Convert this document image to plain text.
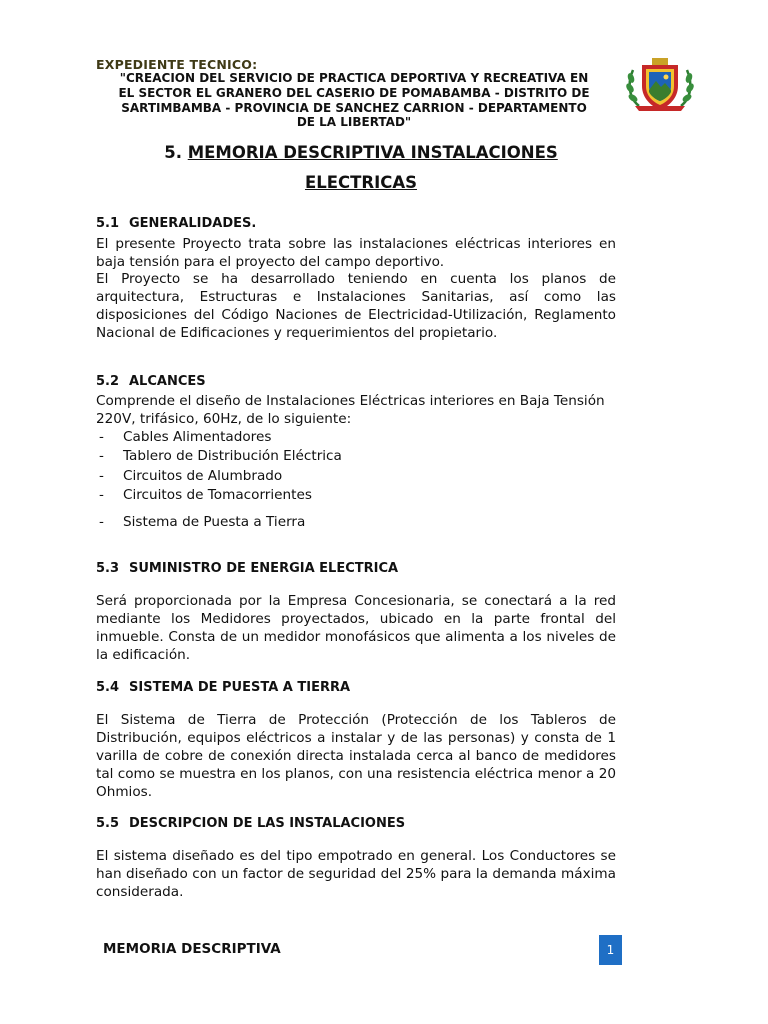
EXPEDIENTE TECNICO:
"CREACION DEL SERVICIO DE PRACTICA DEPORTIVA Y RECREATIVA EN
EL SECTOR EL GRANERO DEL CASERIO DE POMABAMBA - DISTRITO DE
SARTIMBAMBA - PROVINCIA DE SANCHEZ CARRION - DEPARTAMENTO
DE LA LIBERTAD"
5. MEMORIA DESCRIPTIVA INSTALACIONES
ELECTRICAS
5.1 GENERALIDADES.

El presente Proyecto trata sobre las instalaciones eléctricas interiores en baja tensión para el proyecto del campo deportivo.

El Proyecto se ha desarrollado teniendo en cuenta los planos de arquitectura, Estructuras e Instalaciones Sanitarias, así como las disposiciones del Código Naciones de Electricidad-Utilización, Reglamento Nacional de Edificaciones y requerimientos del propietario.

5.2 ALCANCES

Comprende el diseño de Instalaciones Eléctricas interiores en Baja Tensión 220V, trifásico, 60Hz, de lo siguiente:

- Cables Alimentadores
- Tablero de Distribución Eléctrica
- Circuitos de Alumbrado
- Circuitos de Tomacorrientes
- Sistema de Puesta a Tierra
5.3 SUMINISTRO DE ENERGIA ELECTRICA

Será proporcionada por la Empresa Concesionaria, se conectará a la red mediante los Medidores proyectados, ubicado en la parte frontal del inmueble. Consta de un medidor monofásicos que alimenta a los niveles de la edificación.

5.4 SISTEMA DE PUESTA A TIERRA

El Sistema de Tierra de Protección (Protección de los Tableros de Distribución, equipos eléctricos a instalar y de las personas) y consta de 1 varilla de cobre de conexión directa instalada cerca al banco de medidores tal como se muestra en los planos, con una resistencia eléctrica menor a 20 Ohmios.

5.5 DESCRIPCION DE LAS INSTALACIONES

El sistema diseñado es del tipo empotrado en general. Los Conductores se han diseñado con un factor de seguridad del 25% para la demanda máxima considerada.

MEMORIA DESCRIPTIVA	1
